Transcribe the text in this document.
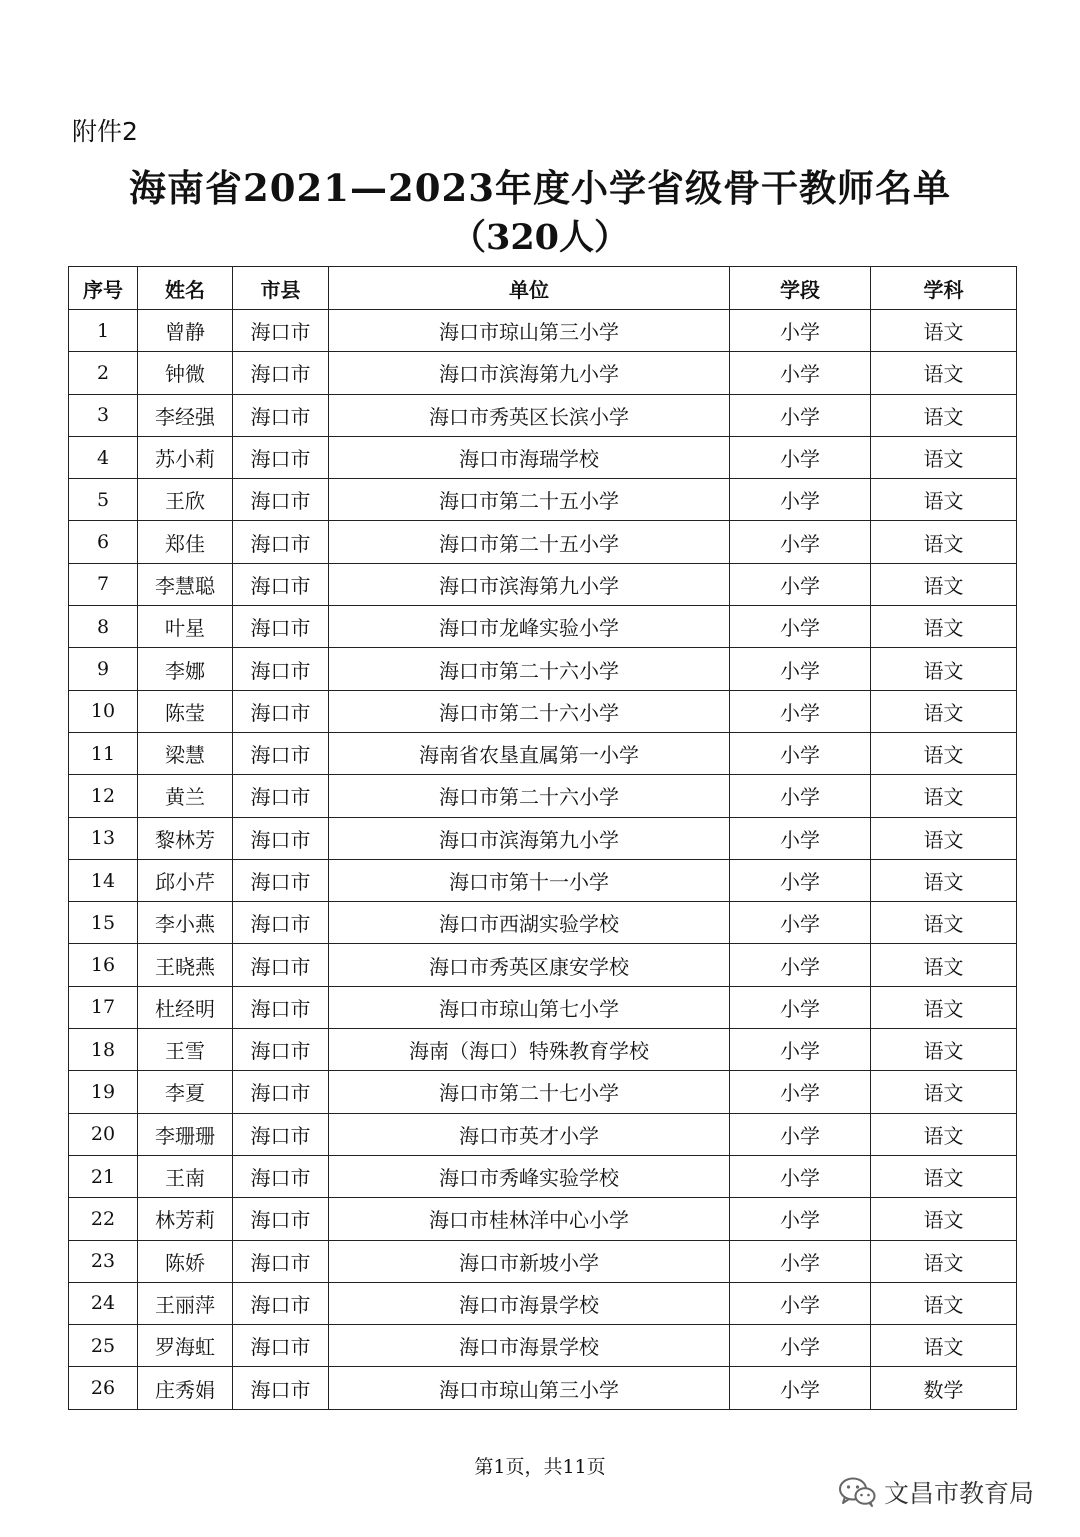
附件2
海南省2021—2023年度小学省级骨干教师名单
（320人）
序号	姓名	市县	单位	学段	学科
1	曾静	海口市	海口市琼山第三小学	小学	语文
2	钟微	海口市	海口市滨海第九小学	小学	语文
3	李经强	海口市	海口市秀英区长滨小学	小学	语文
4	苏小莉	海口市	海口市海瑞学校	小学	语文
5	王欣	海口市	海口市第二十五小学	小学	语文
6	郑佳	海口市	海口市第二十五小学	小学	语文
7	李慧聪	海口市	海口市滨海第九小学	小学	语文
8	叶星	海口市	海口市龙峰实验小学	小学	语文
9	李娜	海口市	海口市第二十六小学	小学	语文
10	陈莹	海口市	海口市第二十六小学	小学	语文
11	梁慧	海口市	海南省农垦直属第一小学	小学	语文
12	黄兰	海口市	海口市第二十六小学	小学	语文
13	黎林芳	海口市	海口市滨海第九小学	小学	语文
14	邱小芹	海口市	海口市第十一小学	小学	语文
15	李小燕	海口市	海口市西湖实验学校	小学	语文
16	王晓燕	海口市	海口市秀英区康安学校	小学	语文
17	杜经明	海口市	海口市琼山第七小学	小学	语文
18	王雪	海口市	海南（海口）特殊教育学校	小学	语文
19	李夏	海口市	海口市第二十七小学	小学	语文
20	李珊珊	海口市	海口市英才小学	小学	语文
21	王南	海口市	海口市秀峰实验学校	小学	语文
22	林芳莉	海口市	海口市桂林洋中心小学	小学	语文
23	陈娇	海口市	海口市新坡小学	小学	语文
24	王丽萍	海口市	海口市海景学校	小学	语文
25	罗海虹	海口市	海口市海景学校	小学	语文
26	庄秀娟	海口市	海口市琼山第三小学	小学	数学
第1页，共11页
文昌市教育局
